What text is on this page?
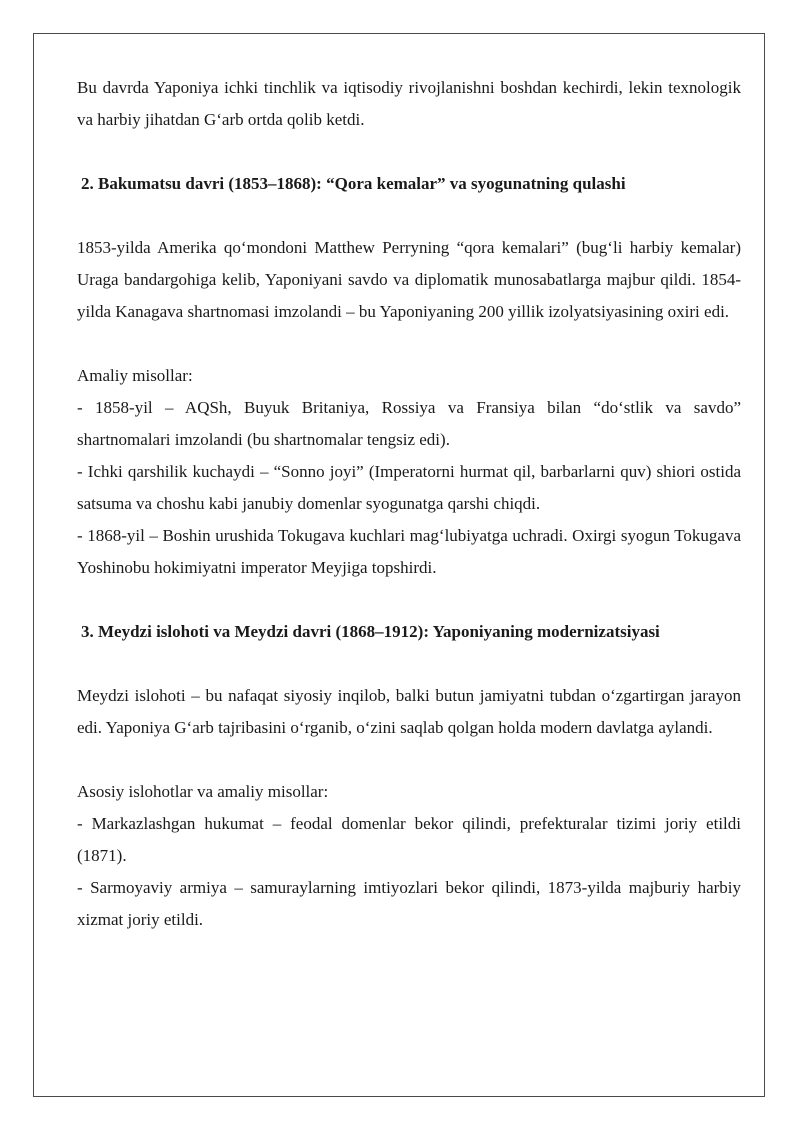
Bu davrda Yaponiya ichki tinchlik va iqtisodiy rivojlanishni boshdan kechirdi, lekin texnologik va harbiy jihatdan G‘arb ortda qolib ketdi.

2. Bakumatsu davri (1853–1868): “Qora kemalar” va syogunatning qulashi

1853-yilda Amerika qo‘mondoni Matthew Perryning “qora kemalari” (bug‘li harbiy kemalar) Uraga bandargohiga kelib, Yaponiyani savdo va diplomatik munosabatlarga majbur qildi. 1854-yilda Kanagava shartnomasi imzolandi – bu Yaponiyaning 200 yillik izolyatsiyasining oxiri edi.

Amaliy misollar:

- 1858-yil – AQSh, Buyuk Britaniya, Rossiya va Fransiya bilan “do‘stlik va savdo” shartnomalari imzolandi (bu shartnomalar tengsiz edi).

- Ichki qarshilik kuchaydi – “Sonno joyi” (Imperatorni hurmat qil, barbarlarni quv) shiori ostida satsuma va choshu kabi janubiy domenlar syogunatga qarshi chiqdi.

- 1868-yil – Boshin urushida Tokugava kuchlari mag‘lubiyatga uchradi. Oxirgi syogun Tokugava Yoshinobu hokimiyatni imperator Meyjiga topshirdi.

3. Meydzi islohoti va Meydzi davri (1868–1912): Yaponiyaning modernizatsiyasi

Meydzi islohoti – bu nafaqat siyosiy inqilob, balki butun jamiyatni tubdan o‘zgartirgan jarayon edi. Yaponiya G‘arb tajribasini o‘rganib, o‘zini saqlab qolgan holda modern davlatga aylandi.

Asosiy islohotlar va amaliy misollar:

- Markazlashgan hukumat – feodal domenlar bekor qilindi, prefekturalar tizimi joriy etildi (1871).

- Sarmoyaviy armiya – samuraylarning imtiyozlari bekor qilindi, 1873-yilda majburiy harbiy xizmat joriy etildi.
